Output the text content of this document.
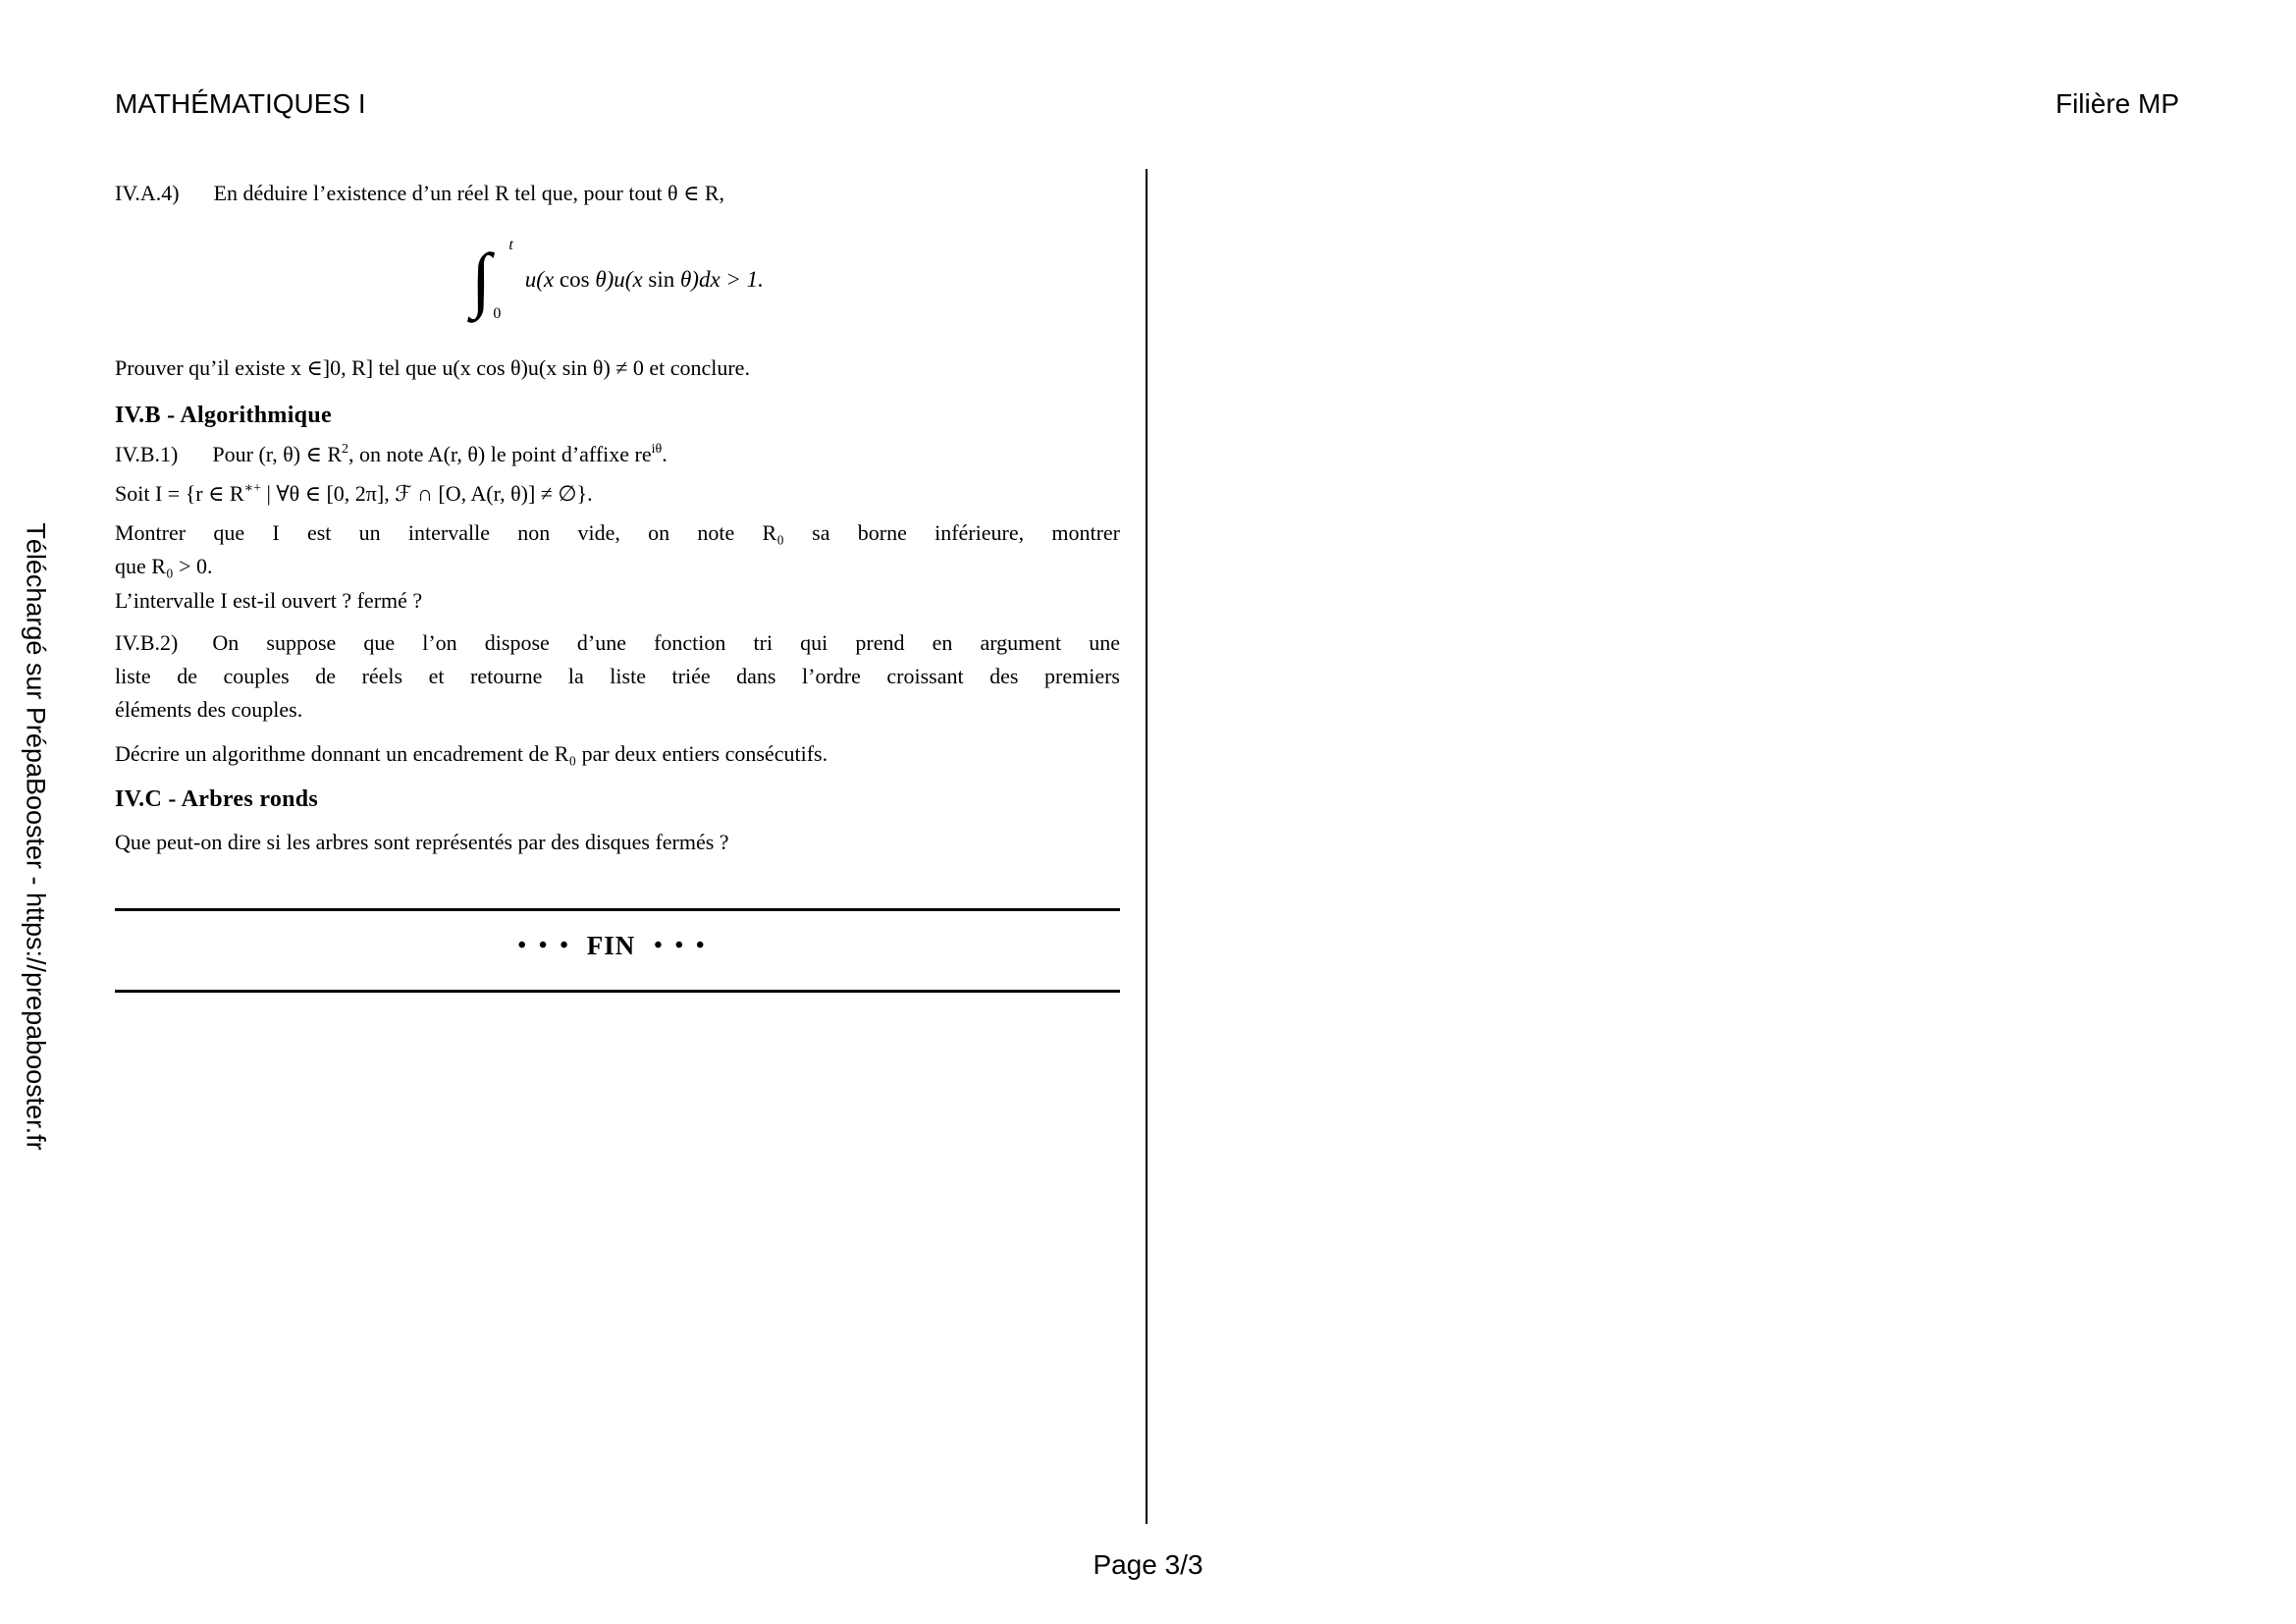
MATHÉMATIQUES I	Filière MP
Téléchargé sur PrépaBooster - https://prepabooster.fr
IV.A.4) En déduire l’existence d’un réel R tel que, pour tout θ ∈ R,
∫	t
0
u(x cos θ)u(x sin θ)dx > 1.
Prouver qu’il existe x ∈]0, R] tel que u(x cos θ)u(x sin θ) ≠ 0 et conclure.
IV.B - Algorithmique
IV.B.1) Pour (r, θ) ∈ $R^2$, on note A(r, θ) le point d’affixe $re^{i\theta}$.
Soit I = {r ∈ R∗+ | ∀θ ∈ [0, 2π], ℱ ∩ [O, A(r, θ)] ≠ ∅}.
Montrer que I est un intervalle non vide, on note R₀ sa borne inférieure, montrer
que R₀ > 0.
L’intervalle I est-il ouvert ? fermé ?
IV.B.2) On suppose que l’on dispose d’une fonction tri qui prend en argument une
liste de couples de réels et retourne la liste triée dans l’ordre croissant des premiers
éléments des couples.
Décrire un algorithme donnant un encadrement de R₀ par deux entiers consécutifs.
IV.C - Arbres ronds
Que peut-on dire si les arbres sont représentés par des disques fermés ?
••• FIN •••
Page 3/3
